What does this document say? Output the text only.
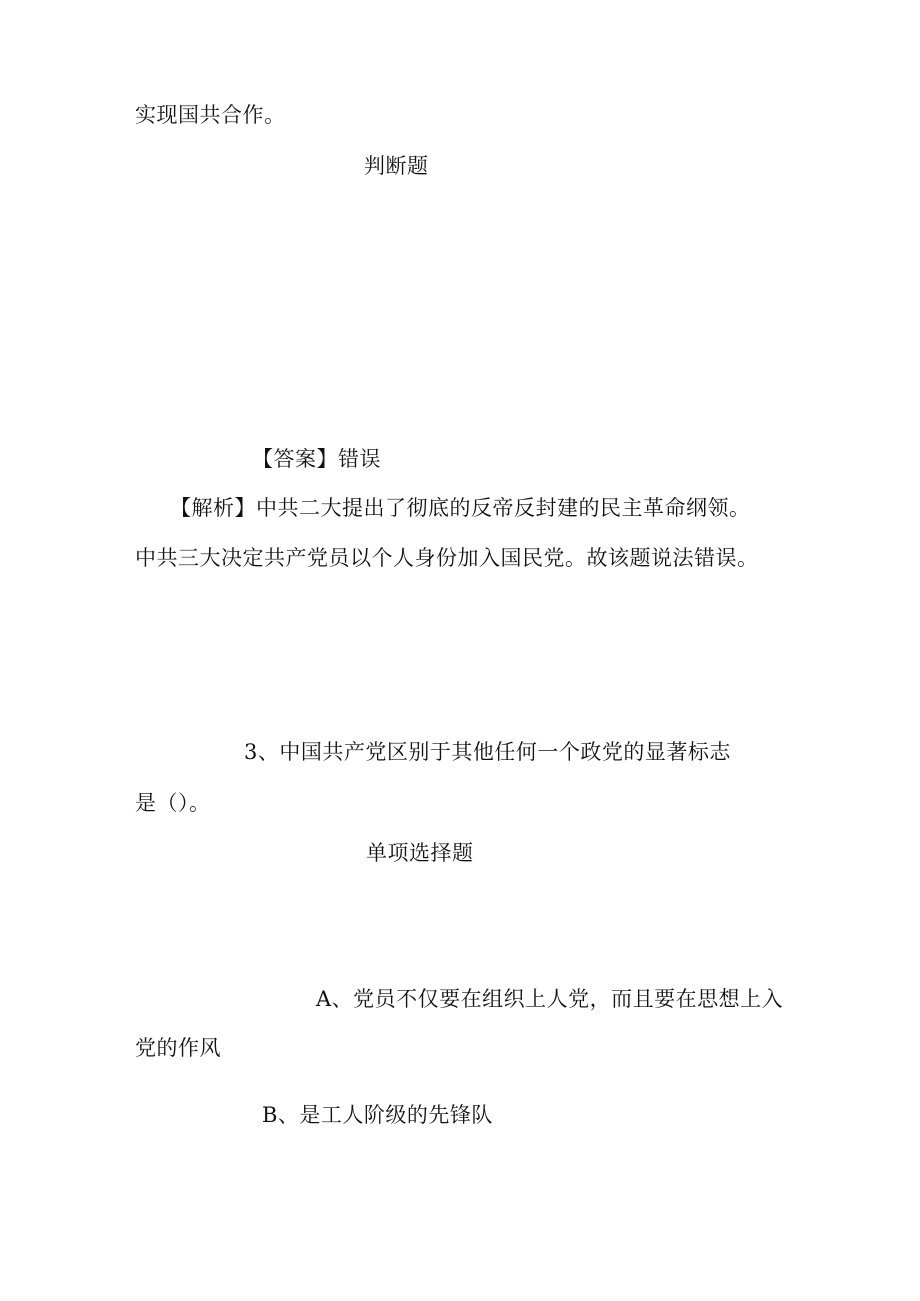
实现国共合作。
判断题
【答案】错误
【解析】中共二大提出了彻底的反帝反封建的民主革命纲领。
中共三大决定共产党员以个人身份加入国民党。故该题说法错误。
3、中国共产党区别于其他任何一个政党的显著标志
是（）。
单项选择题
A、党员不仅要在组织上人党，而且要在思想上入
党的作风
B、是工人阶级的先锋队
